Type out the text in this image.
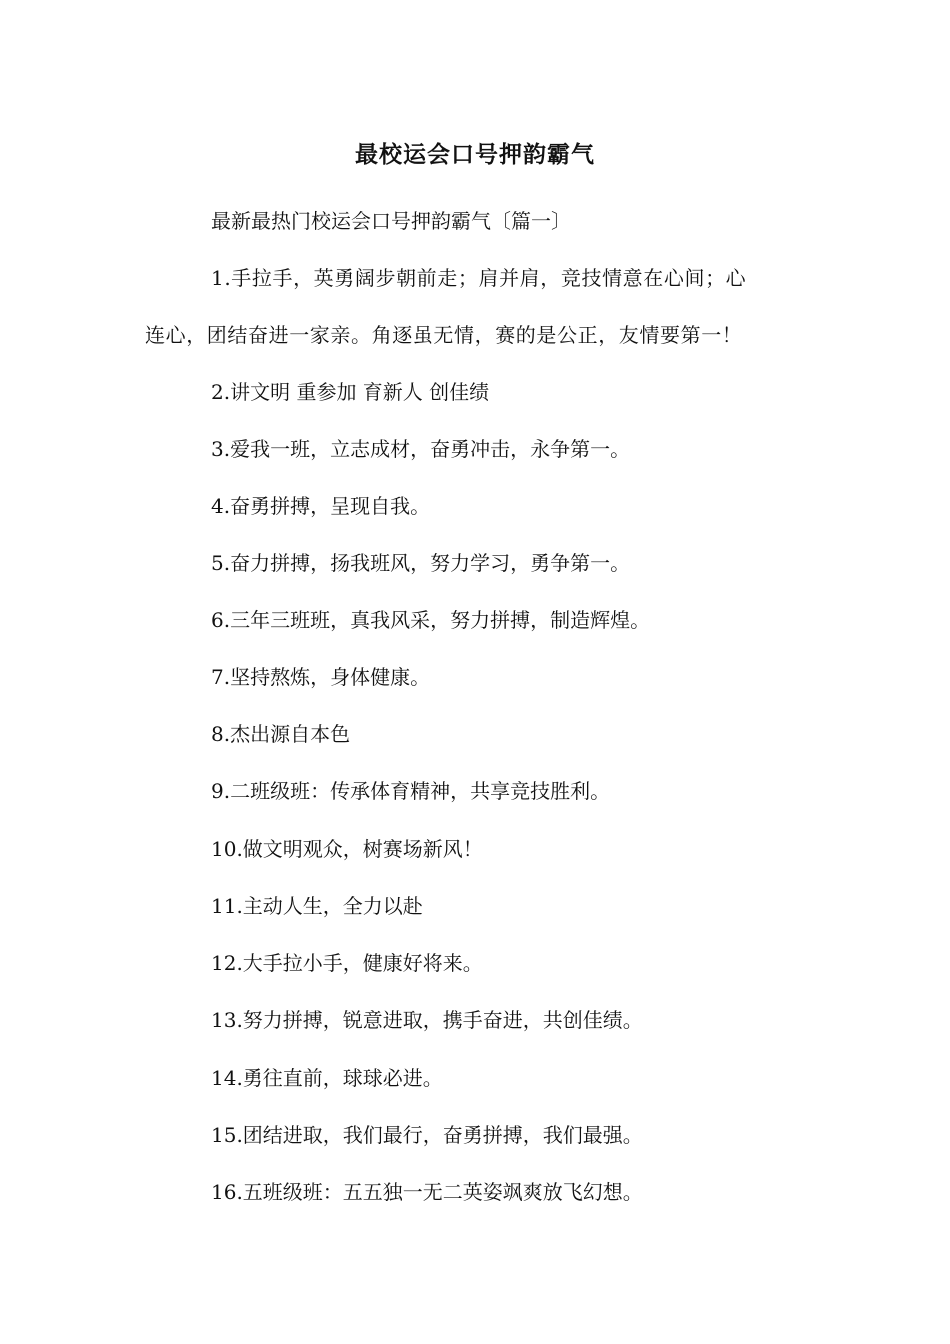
最校运会口号押韵霸气
最新最热门校运会口号押韵霸气〔篇一〕
1.手拉手，英勇阔步朝前走；肩并肩，竞技情意在心间；心
连心，团结奋进一家亲。角逐虽无情，赛的是公正，友情要第一！
2.讲文明 重参加 育新人 创佳绩
3.爱我一班，立志成材，奋勇冲击，永争第一。
4.奋勇拼搏，呈现自我。
5.奋力拼搏，扬我班风，努力学习，勇争第一。
6.三年三班班，真我风采，努力拼搏，制造辉煌。
7.坚持熬炼，身体健康。
8.杰出源自本色
9.二班级班：传承体育精神，共享竞技胜利。
10.做文明观众，树赛场新风！
11.主动人生，全力以赴
12.大手拉小手，健康好将来。
13.努力拼搏，锐意进取，携手奋进，共创佳绩。
14.勇往直前，球球必进。
15.团结进取，我们最行，奋勇拼搏，我们最强。
16.五班级班：五五独一无二英姿飒爽放飞幻想。
